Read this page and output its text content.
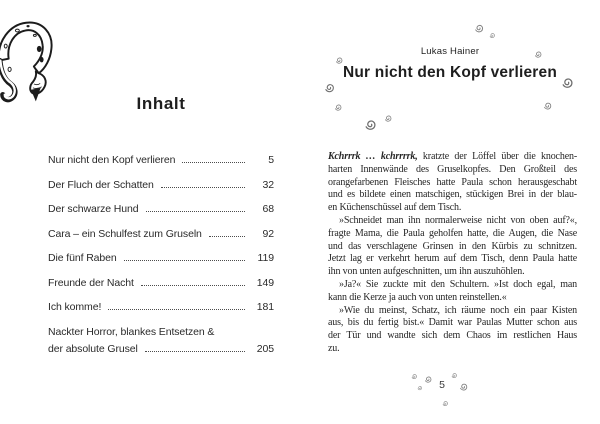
Inhalt
Nur nicht den Kopf verlieren	5
Der Fluch der Schatten	32
Der schwarze Hund	68
Cara – ein Schulfest zum Gruseln	92
Die fünf Raben	119
Freunde der Nacht	149
Ich komme!	181
Nackter Horror, blankes Entsetzen &
der absolute Grusel	205
Lukas Hainer
Nur nicht den Kopf verlieren
Kchrrrk … kchrrrrk, kratzte der Löffel über die knochen-
harten Innenwände des Gruselkopfes. Den Großteil des
orangefarbenen Fleisches hatte Paula schon herausgeschabt
und es bildete einen matschigen, stückigen Brei in der blau-
en Küchenschüssel auf dem Tisch.
»Schneidet man ihn normalerweise nicht von oben auf?«,
fragte Mama, die Paula geholfen hatte, die Augen, die Nase
und das verschlagene Grinsen in den Kürbis zu schnitzen.
Jetzt lag er verkehrt herum auf dem Tisch, denn Paula hatte
ihn von unten aufgeschnitten, um ihn auszuhöhlen.
»Ja?« Sie zuckte mit den Schultern. »Ist doch egal, man
kann die Kerze ja auch von unten reinstellen.«
»Wie du meinst, Schatz, ich räume noch ein paar Kisten
aus, bis du fertig bist.« Damit war Paulas Mutter schon aus
der Tür und wandte sich dem Chaos im restlichen Haus
zu.
5
